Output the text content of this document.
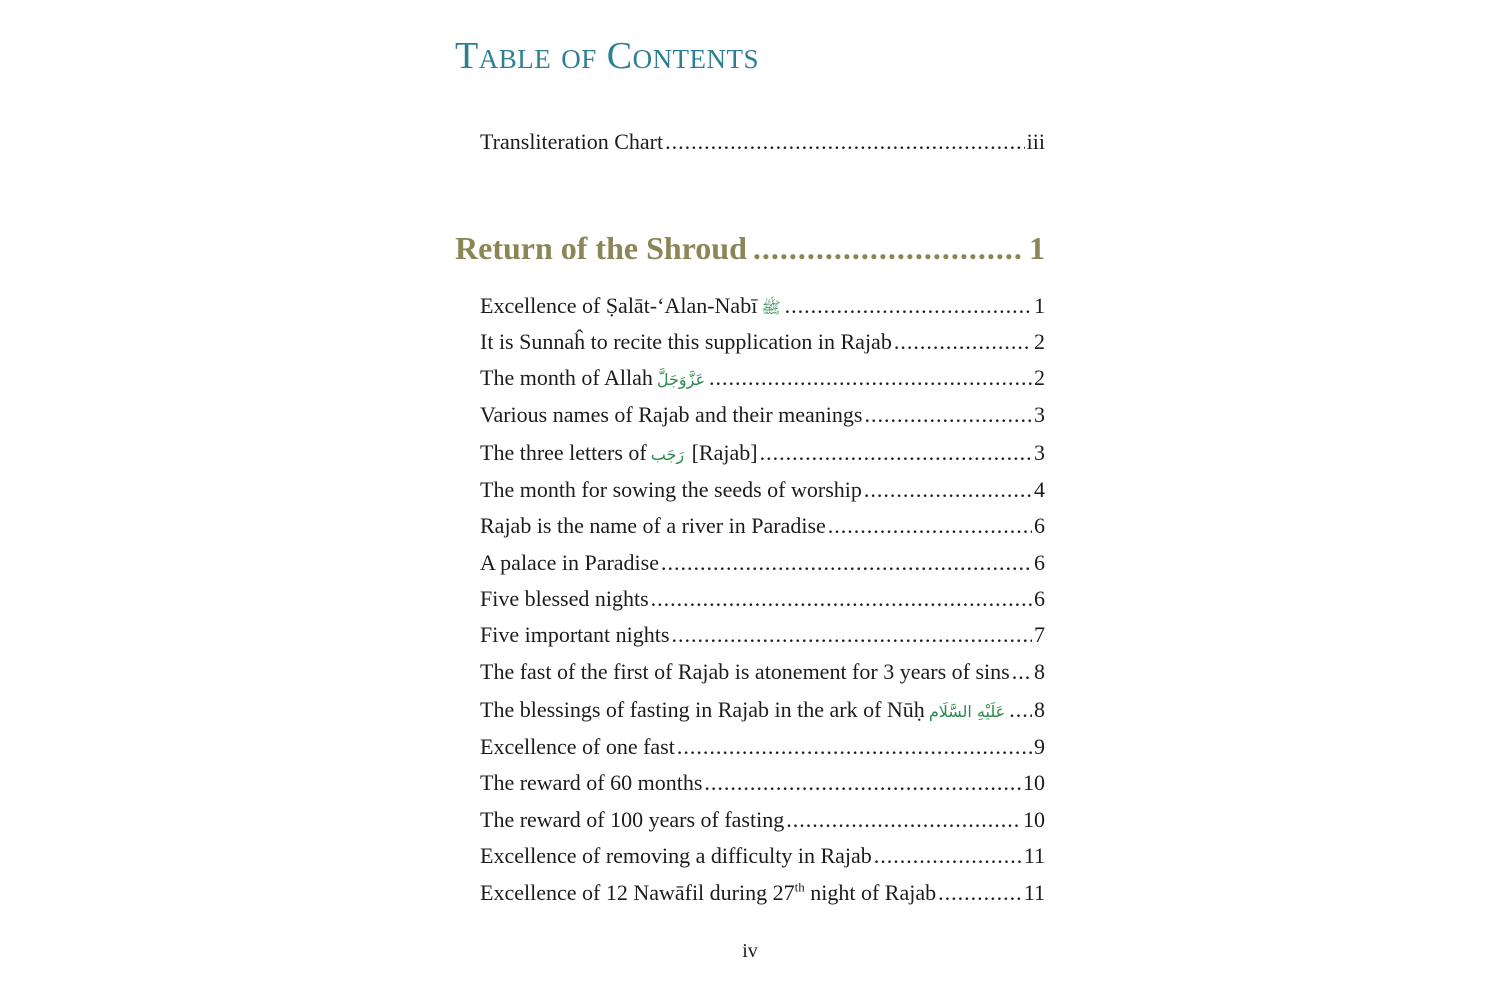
Table of Contents
Transliteration Chart .....	iii
Return of the Shroud .....	1
Excellence of Ṣalāt-‘Alan-Nabī ﷺ .....	1
It is Sunnaĥ to recite this supplication in Rajab .....	2
The month of Allah عَزَّوَجَلَّ .....	2
Various names of Rajab and their meanings .....	3
The three letters of رَجَب [Rajab] .....	3
The month for sowing the seeds of worship .....	4
Rajab is the name of a river in Paradise .....	6
A palace in Paradise .....	6
Five blessed nights .....	6
Five important nights .....	7
The fast of the first of Rajab is atonement for 3 years of sins ..... 8
The blessings of fasting in Rajab in the ark of Nūḥ عَلَيْهِ السَّلَام ..... 8
Excellence of one fast .....	9
The reward of 60 months .....	10
The reward of 100 years of fasting .....	10
Excellence of removing a difficulty in Rajab .....	11
Excellence of 12 Nawāfil during 27th night of Rajab .....	11
iv
